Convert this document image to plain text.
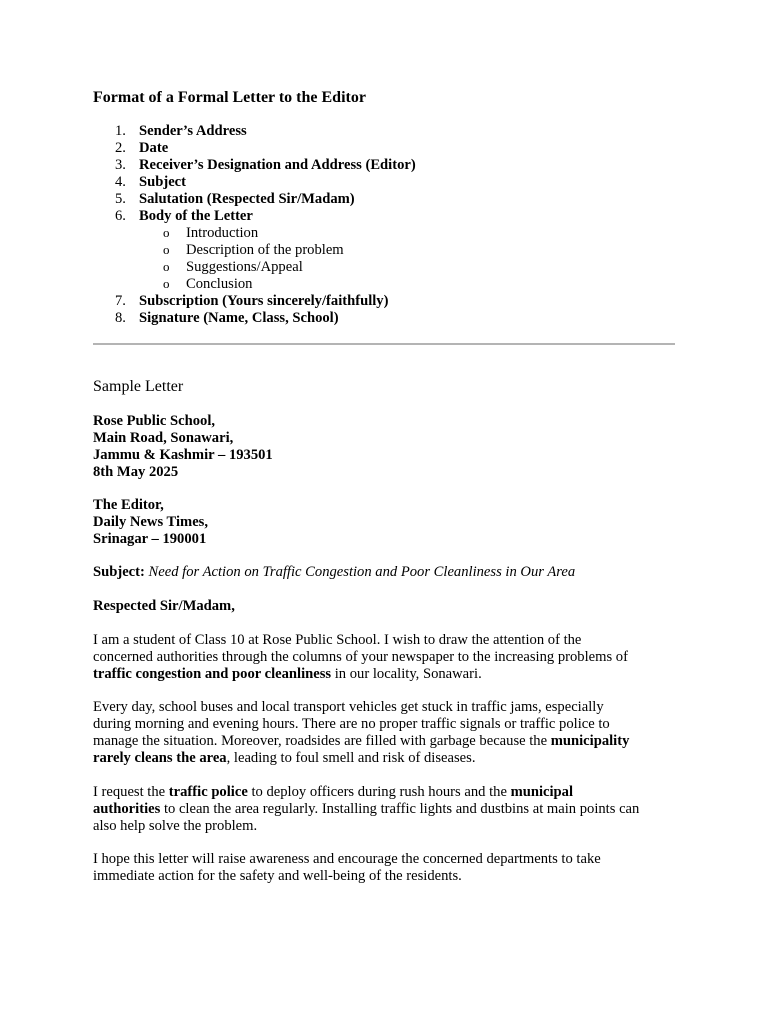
Format of a Formal Letter to the Editor
1. Sender’s Address
2. Date
3. Receiver’s Designation and Address (Editor)
4. Subject
5. Salutation (Respected Sir/Madam)
6. Body of the Letter
o Introduction
o Description of the problem
o Suggestions/Appeal
o Conclusion
7. Subscription (Yours sincerely/faithfully)
8. Signature (Name, Class, School)
Sample Letter
Rose Public School,
Main Road, Sonawari,
Jammu & Kashmir – 193501
8th May 2025
The Editor,
Daily News Times,
Srinagar – 190001
Subject: Need for Action on Traffic Congestion and Poor Cleanliness in Our Area
Respected Sir/Madam,
I am a student of Class 10 at Rose Public School. I wish to draw the attention of the
concerned authorities through the columns of your newspaper to the increasing problems of
traffic congestion and poor cleanliness in our locality, Sonawari.
Every day, school buses and local transport vehicles get stuck in traffic jams, especially
during morning and evening hours. There are no proper traffic signals or traffic police to
manage the situation. Moreover, roadsides are filled with garbage because the municipality
rarely cleans the area, leading to foul smell and risk of diseases.
I request the traffic police to deploy officers during rush hours and the municipal
authorities to clean the area regularly. Installing traffic lights and dustbins at main points can
also help solve the problem.
I hope this letter will raise awareness and encourage the concerned departments to take
immediate action for the safety and well-being of the residents.
